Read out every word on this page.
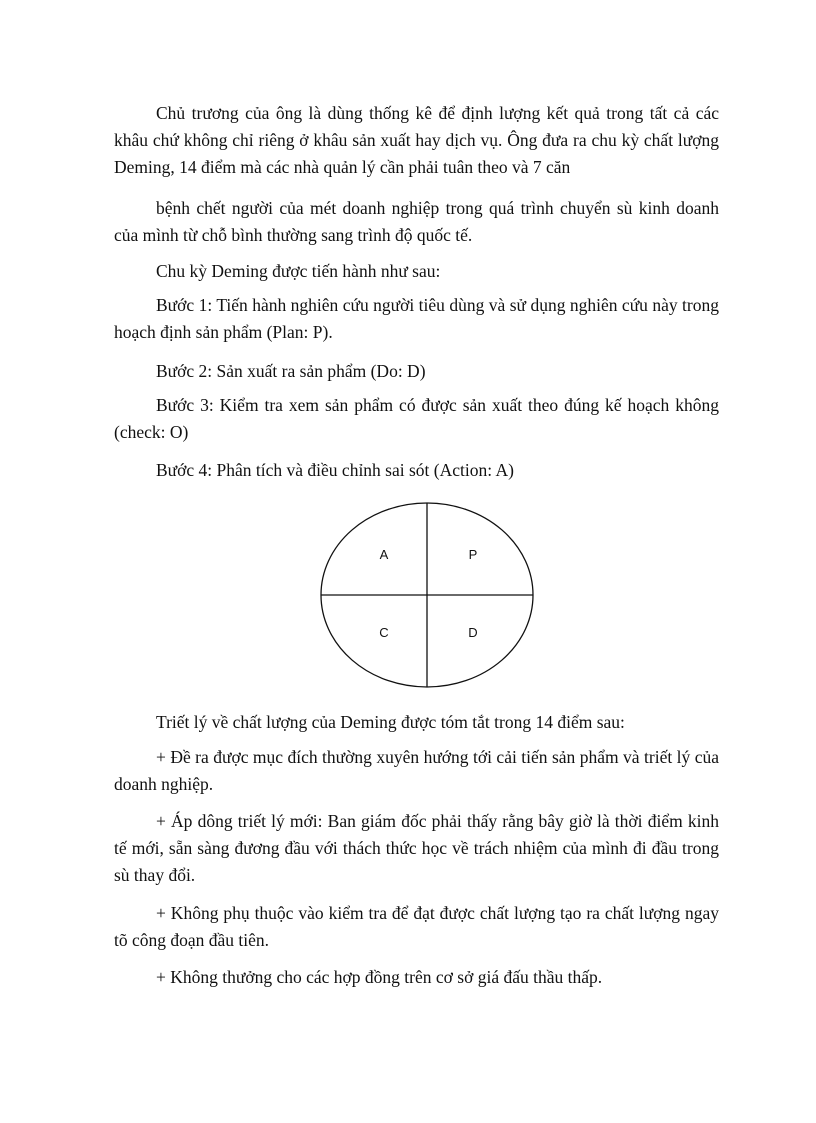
Chủ trương của ông là dùng thống kê để định lượng kết quả trong tất cả các khâu chứ không chỉ riêng ở khâu sản xuất hay dịch vụ. Ông đưa ra chu kỳ chất lượng Deming, 14 điểm mà các nhà quản lý cần phải tuân theo và 7 căn

bệnh chết người của mét doanh nghiệp trong quá trình chuyển sù kinh doanh của mình từ chỗ bình thường sang trình độ quốc tế.

Chu kỳ Deming được tiến hành như sau:

Bước 1: Tiến hành nghiên cứu người tiêu dùng và sử dụng nghiên cứu này trong hoạch định sản phẩm (Plan: P).

Bước 2: Sản xuất ra sản phẩm (Do: D)

Bước 3: Kiểm tra xem sản phẩm có được sản xuất theo đúng kế hoạch không (check: O)

Bước 4: Phân tích và điều chỉnh sai sót (Action: A)

A	P
C	D

Triết lý về chất lượng của Deming được tóm tắt trong 14 điểm sau:

+ Đề ra được mục đích thường xuyên hướng tới cải tiến sản phẩm và triết lý của doanh nghiệp.

+ Áp dông triết lý mới: Ban giám đốc phải thấy rằng bây giờ là thời điểm kinh tế mới, sẵn sàng đương đầu với thách thức học về trách nhiệm của mình đi đầu trong sù thay đổi.

+ Không phụ thuộc vào kiểm tra để đạt được chất lượng tạo ra chất lượng ngay tõ công đoạn đầu tiên.

+ Không thưởng cho các hợp đồng trên cơ sở giá đấu thầu thấp.
